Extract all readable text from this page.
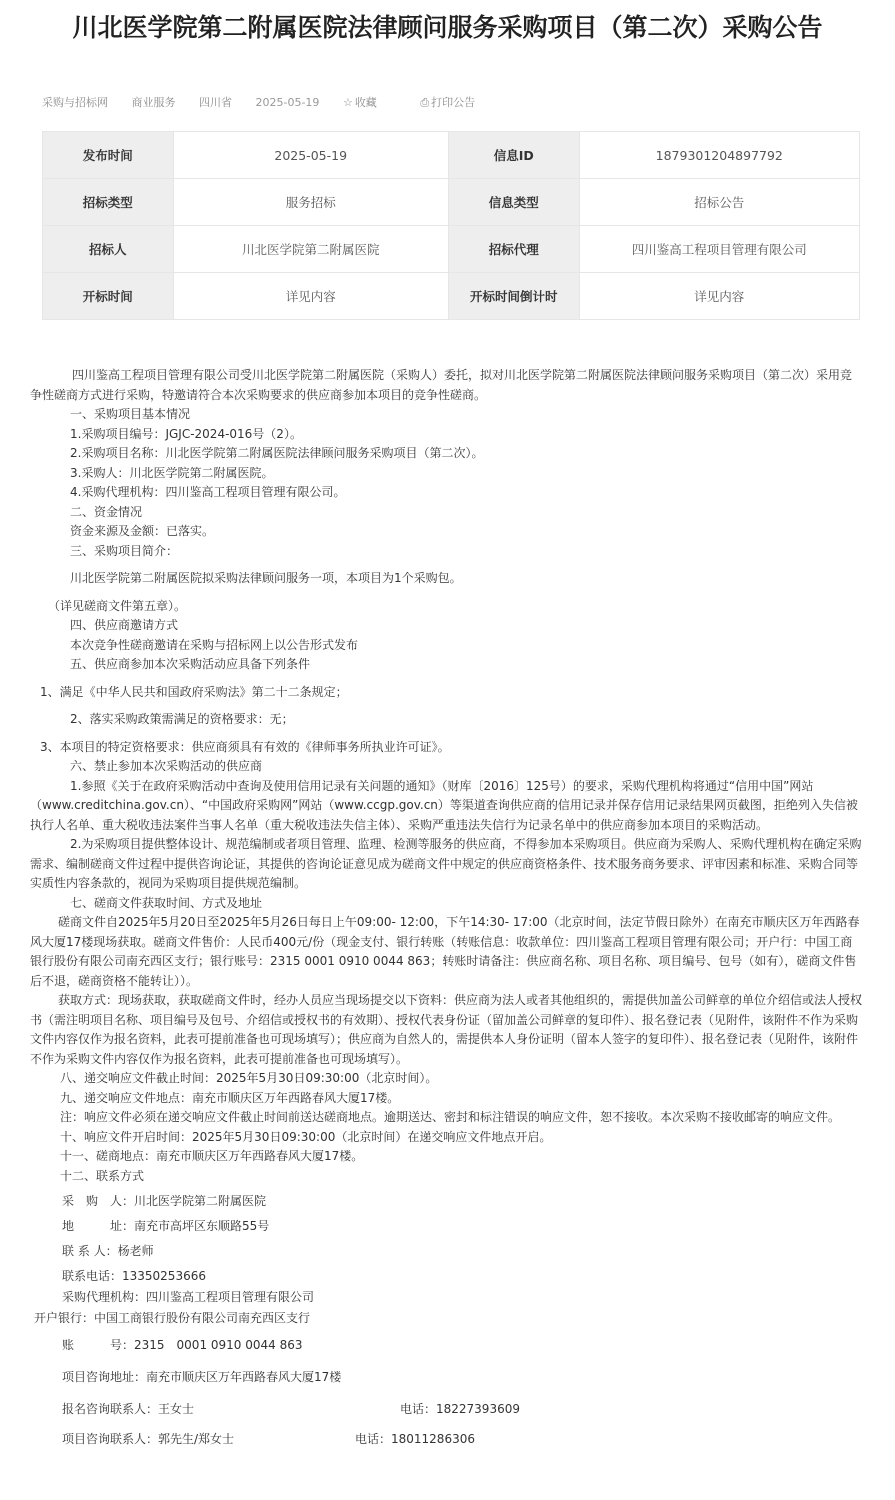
川北医学院第二附属医院法律顾问服务采购项目（第二次）采购公告
采购与招标网 商业服务 四川省 2025-05-19 ☆ 收藏	⎙ 打印公告
发布时间	2025-05-19	信息ID	1879301204897792
招标类型	服务招标	信息类型	招标公告
招标人	川北医学院第二附属医院	招标代理	四川鉴高工程项目管理有限公司
开标时间	详见内容	开标时间倒计时	详见内容

四川鉴高工程项目管理有限公司受川北医学院第二附属医院（采购人）委托，拟对川北医学院第二附属医院法律顾问服务采购项目（第二次）采用竞争性磋商方式进行采购，特邀请符合本次采购要求的供应商参加本项目的竞争性磋商。

一、采购项目基本情况

1.采购项目编号：JGJC-2024-016号（2）。

2.采购项目名称：川北医学院第二附属医院法律顾问服务采购项目（第二次）。

3.采购人：川北医学院第二附属医院。

4.采购代理机构：四川鉴高工程项目管理有限公司。

二、资金情况

资金来源及金额：已落实。

三、采购项目简介：

川北医学院第二附属医院拟采购法律顾问服务一项，本项目为1个采购包。

（详见磋商文件第五章）。

四、供应商邀请方式

本次竞争性磋商邀请在采购与招标网上以公告形式发布

五、供应商参加本次采购活动应具备下列条件

1、满足《中华人民共和国政府采购法》第二十二条规定；

2、落实采购政策需满足的资格要求：无；

3、本项目的特定资格要求：供应商须具有有效的《律师事务所执业许可证》。

六、禁止参加本次采购活动的供应商

1.参照《关于在政府采购活动中查询及使用信用记录有关问题的通知》（财库〔2016〕125号）的要求，采购代理机构将通过“信用中国”网站（www.creditchina.gov.cn）、“中国政府采购网”网站（www.ccgp.gov.cn）等渠道查询供应商的信用记录并保存信用记录结果网页截图，拒绝列入失信被执行人名单、重大税收违法案件当事人名单（重大税收违法失信主体）、采购严重违法失信行为记录名单中的供应商参加本项目的采购活动。

2.为采购项目提供整体设计、规范编制或者项目管理、监理、检测等服务的供应商，不得参加本采购项目。供应商为采购人、采购代理机构在确定采购需求、编制磋商文件过程中提供咨询论证，其提供的咨询论证意见成为磋商文件中规定的供应商资格条件、技术服务商务要求、评审因素和标准、采购合同等实质性内容条款的，视同为采购项目提供规范编制。

七、磋商文件获取时间、方式及地址

磋商文件自2025年5月20日至2025年5月26日每日上午09:00- 12:00，下午14:30- 17:00（北京时间，法定节假日除外）在南充市顺庆区万年西路春风大厦17楼现场获取。磋商文件售价：人民币400元/份（现金支付、银行转账（转账信息：收款单位：四川鉴高工程项目管理有限公司；开户行：中国工商银行股份有限公司南充西区支行；银行账号：2315 0001 0910 0044 863；转账时请备注：供应商名称、项目名称、项目编号、包号（如有），磋商文件售后不退，磋商资格不能转让））。

获取方式：现场获取，获取磋商文件时，经办人员应当现场提交以下资料：供应商为法人或者其他组织的，需提供加盖公司鲜章的单位介绍信或法人授权书（需注明项目名称、项目编号及包号、介绍信或授权书的有效期）、授权代表身份证（留加盖公司鲜章的复印件）、报名登记表（见附件，该附件不作为采购文件内容仅作为报名资料，此表可提前准备也可现场填写）；供应商为自然人的，需提供本人身份证明（留本人签字的复印件）、报名登记表（见附件，该附件不作为采购文件内容仅作为报名资料，此表可提前准备也可现场填写）。

八、递交响应文件截止时间：2025年5月30日09:30:00（北京时间）。

九、递交响应文件地点：南充市顺庆区万年西路春风大厦17楼。

注：响应文件必须在递交响应文件截止时间前送达磋商地点。逾期送达、密封和标注错误的响应文件，恕不接收。本次采购不接收邮寄的响应文件。

十、响应文件开启时间：2025年5月30日09:30:00（北京时间）在递交响应文件地点开启。

十一、磋商地点：南充市顺庆区万年西路春风大厦17楼。

十二、联系方式

采　购　人：川北医学院第二附属医院
地　　　址：南充市高坪区东顺路55号
联 系 人：杨老师
联系电话：13350253666
采购代理机构：四川鉴高工程项目管理有限公司
开户银行：中国工商银行股份有限公司南充西区支行
账　　　号：2315　0001 0910 0044 863
项目咨询地址：南充市顺庆区万年西路春风大厦17楼
报名咨询联系人：王女士	电话：18227393609
项目咨询联系人：郭先生/郑女士	电话：18011286306
